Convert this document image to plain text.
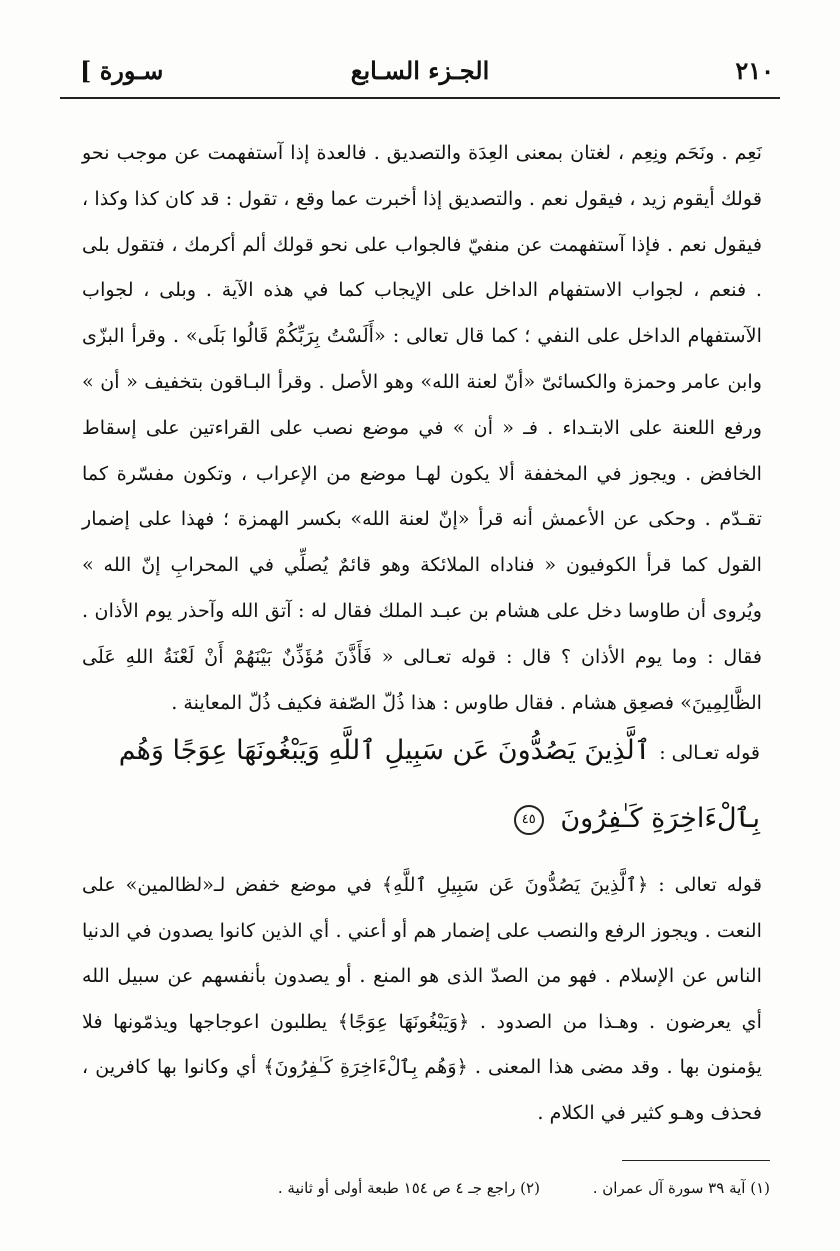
٢١٠
الجـزء السـابع
سـورة ]

نَعِم . ونَحَم ونِعِم ، لغتان بمعنى العِدَة والتصديق . فالعدة إذا آستفهمت عن موجب نحو قولك أيقوم زيد ، فيقول نعم . والتصديق إذا أخبرت عما وقع ، تقول : قد كان كذا وكذا ، فيقول نعم . فإذا آستفهمت عن منفيّ فالجواب على نحو قولك ألم أكرمك ، فتقول بلى . فنعم ، لجواب الاستفهام الداخل على الإيجاب كما في هذه الآية . وبلى ، لجواب الآستفهام الداخل على النفي ؛ كما قال تعالى : «أَلَسْتُ بِرَبِّكُمْ قَالُوا بَلَى» . وقرأ البزّى وابن عامر وحمزة والكسائىّ «أنّ لعنة الله» وهو الأصل . وقرأ البـاقون بتخفيف « أن » ورفع اللعنة على الابتـداء . فـ « أن » في موضع نصب على القراءتين على إسقاط الخافض . ويجوز في المخففة ألا يكون لهـا موضع من الإعراب ، وتكون مفسّرة كما تقـدّم . وحكى عن الأعمش أنه قرأ «إنّ لعنة الله» بكسر الهمزة ؛ فهذا على إضمار القول كما قرأ الكوفيون « فناداه الملائكة وهو قائمٌ يُصلِّي في المحرابِ إنّ الله » ويُروى أن طاوسا دخل على هشام بن عبـد الملك فقال له : آتق الله وآحذر يوم الأذان . فقال : وما يوم الأذان ؟ قال : قوله تعـالى « فَأَذَّنَ مُؤَذِّنٌ بَيْنَهُمْ أَنْ لَعْنَةُ اللهِ عَلَى الظَّالِمِينَ» فصعِق هشام . فقال طاوس : هذا ذُلّ الصّفة فكيف ذُلّ المعاينة .

قوله تعـالى : ٱلَّذِينَ يَصُدُّونَ عَن سَبِيلِ ٱللَّهِ وَيَبْغُونَهَا عِوَجًا وَهُم

بِٱلْءَاخِرَةِ كَـٰفِرُونَ ٤٥

قوله تعالى : ﴿ٱلَّذِينَ يَصُدُّونَ عَن سَبِيلِ ٱللَّهِ﴾ في موضع خفض لـ«لظالمين» على النعت . ويجوز الرفع والنصب على إضمار هم أو أعني . أي الذين كانوا يصدون في الدنيا الناس عن الإسلام . فهو من الصدّ الذى هو المنع . أو يصدون بأنفسهم عن سبيل الله أي يعرضون . وهـذا من الصدود . ﴿وَيَبْغُونَهَا عِوَجًا﴾ يطلبون اعوجاجها ويذمّونها فلا يؤمنون بها . وقد مضى هذا المعنى . ﴿وَهُم بِٱلْءَاخِرَةِ كَـٰفِرُونَ﴾ أي وكانوا بها كافرين ، فحذف وهـو كثير في الكلام .

(١) آية ٣٩ سورة آل عمران . (٢) راجع جـ ٤ ص ١٥٤ طبعة أولى أو ثانية .
